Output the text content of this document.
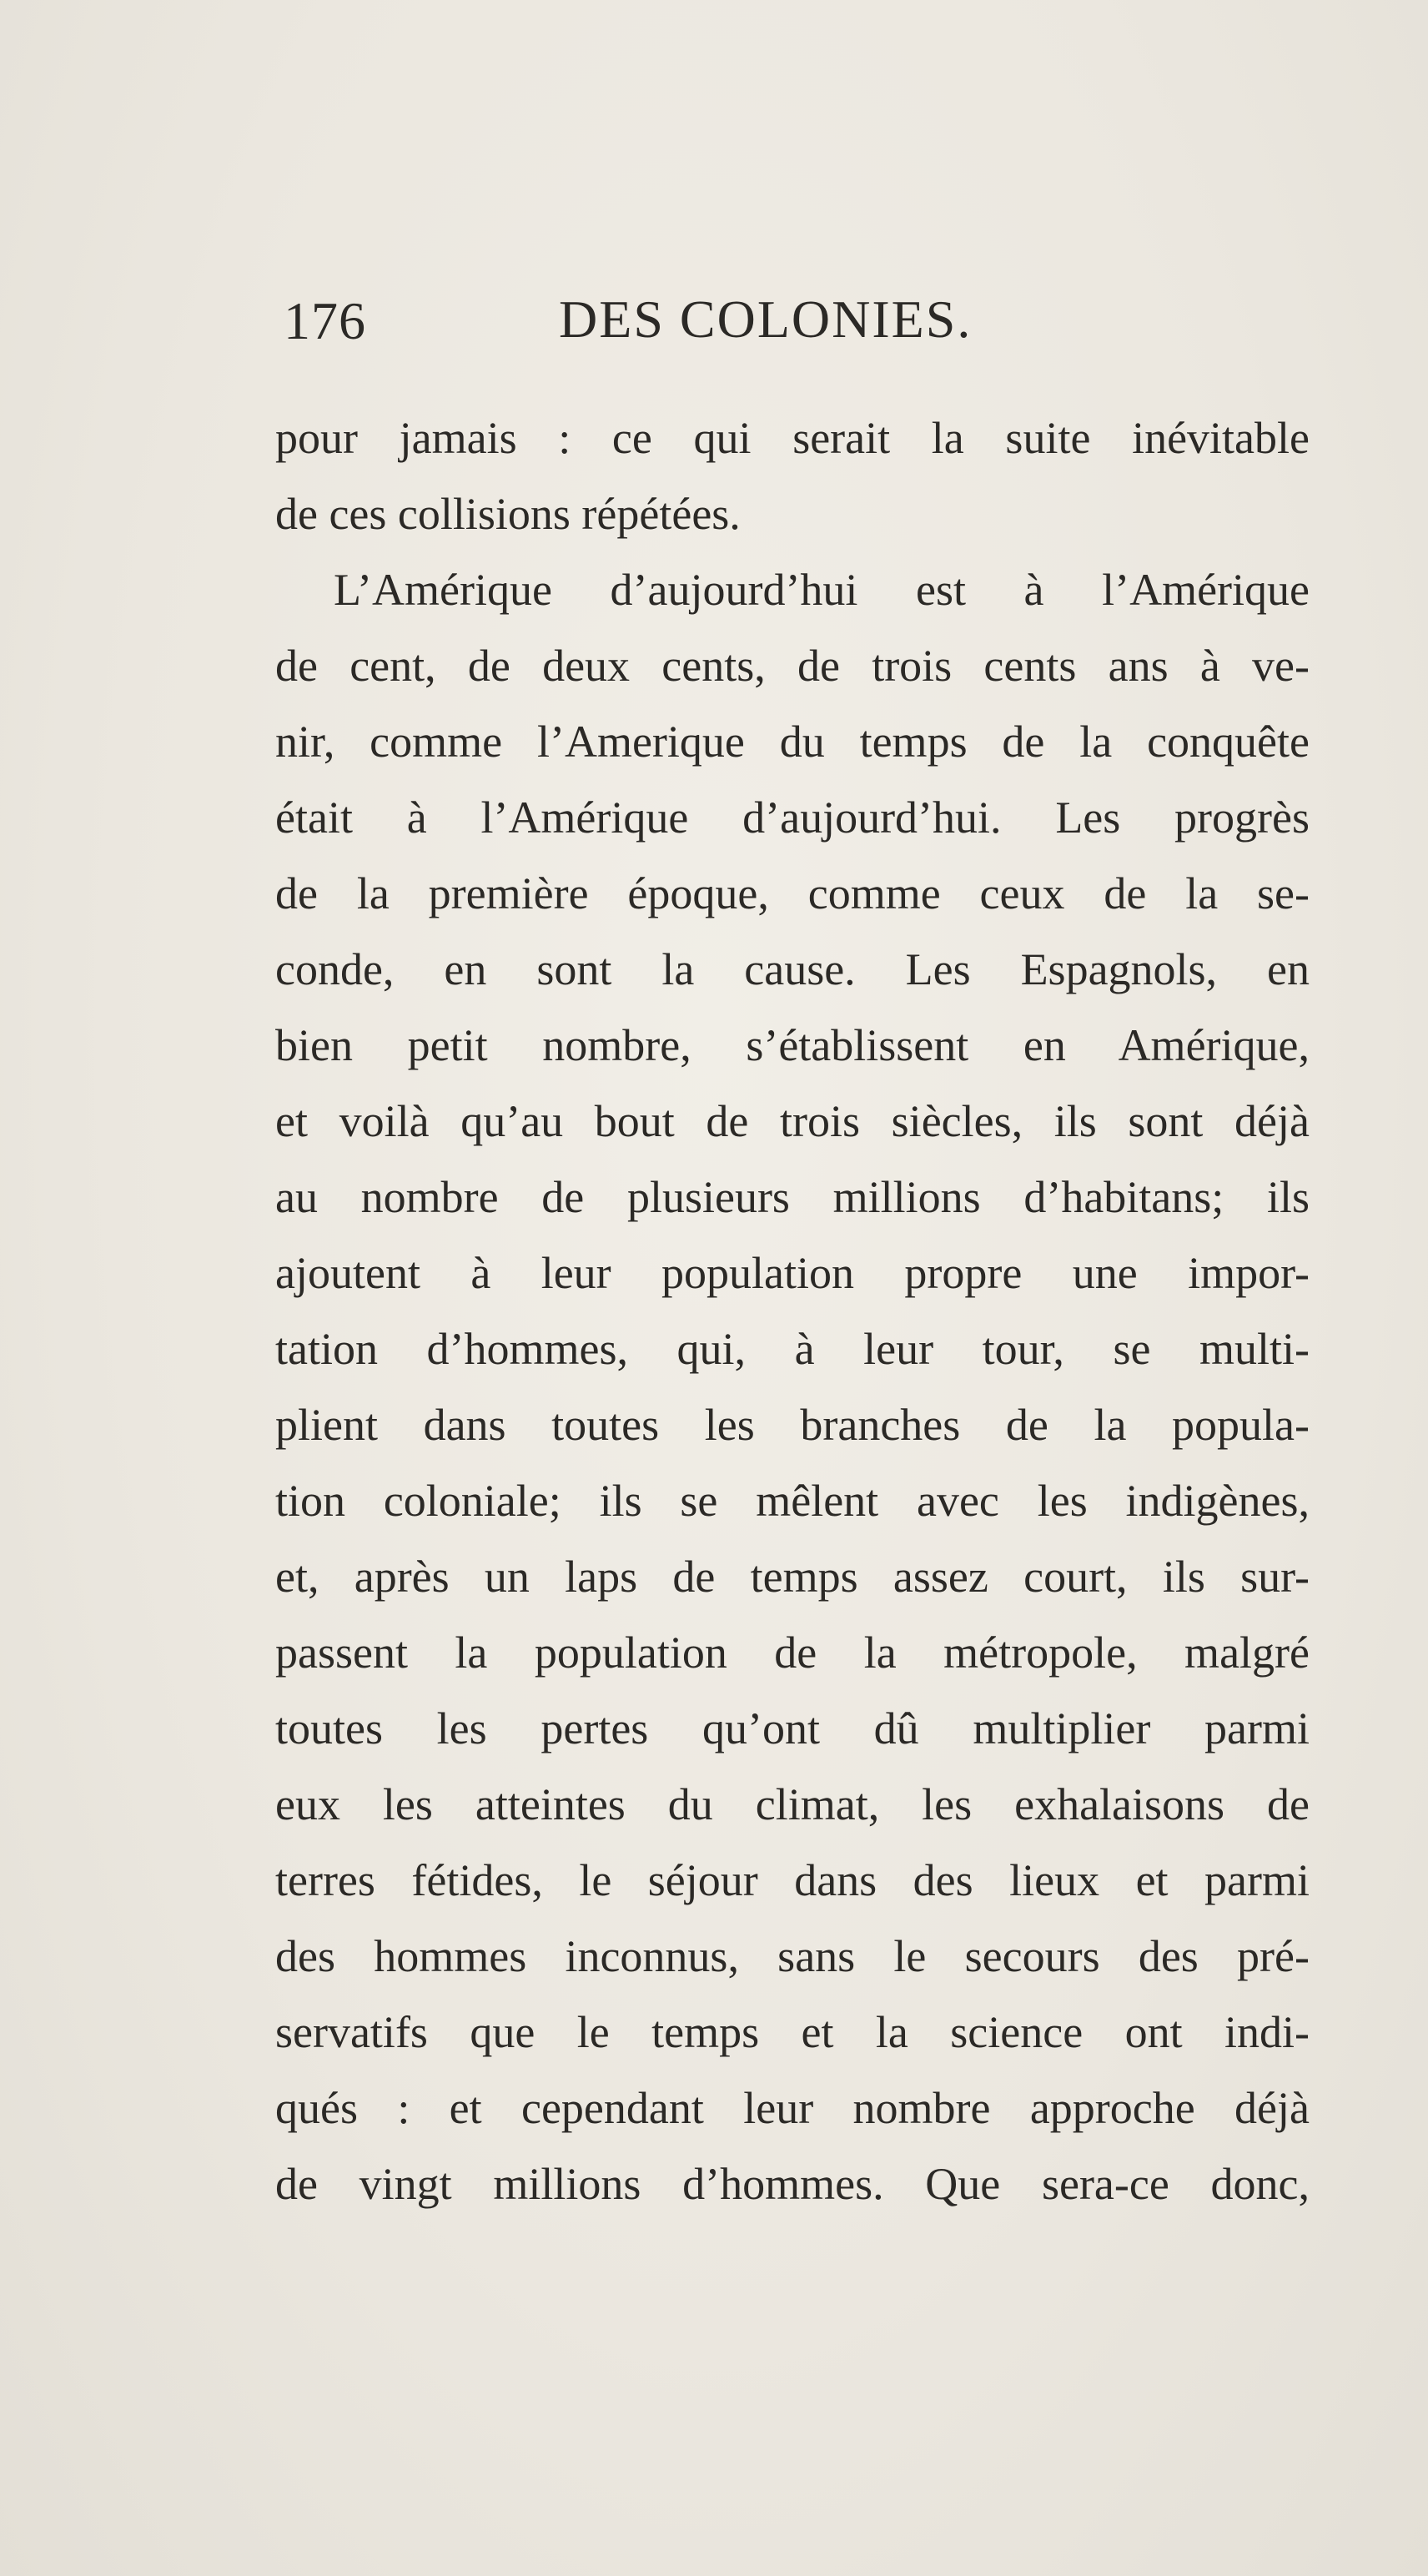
176	DES COLONIES.
pour jamais : ce qui serait la suite inévitable
de ces collisions répétées.
L’Amérique d’aujourd’hui est à l’Amérique
de cent, de deux cents, de trois cents ans à ve-
nir, comme l’Amerique du temps de la conquête
était à l’Amérique d’aujourd’hui. Les progrès
de la première époque, comme ceux de la se-
conde, en sont la cause. Les Espagnols, en
bien petit nombre, s’établissent en Amérique,
et voilà qu’au bout de trois siècles, ils sont déjà
au nombre de plusieurs millions d’habitans; ils
ajoutent à leur population propre une impor-
tation d’hommes, qui, à leur tour, se multi-
plient dans toutes les branches de la popula-
tion coloniale; ils se mêlent avec les indigènes,
et, après un laps de temps assez court, ils sur-
passent la population de la métropole, malgré
toutes les pertes qu’ont dû multiplier parmi
eux les atteintes du climat, les exhalaisons de
terres fétides, le séjour dans des lieux et parmi
des hommes inconnus, sans le secours des pré-
servatifs que le temps et la science ont indi-
qués : et cependant leur nombre approche déjà
de vingt millions d’hommes. Que sera-ce donc,
